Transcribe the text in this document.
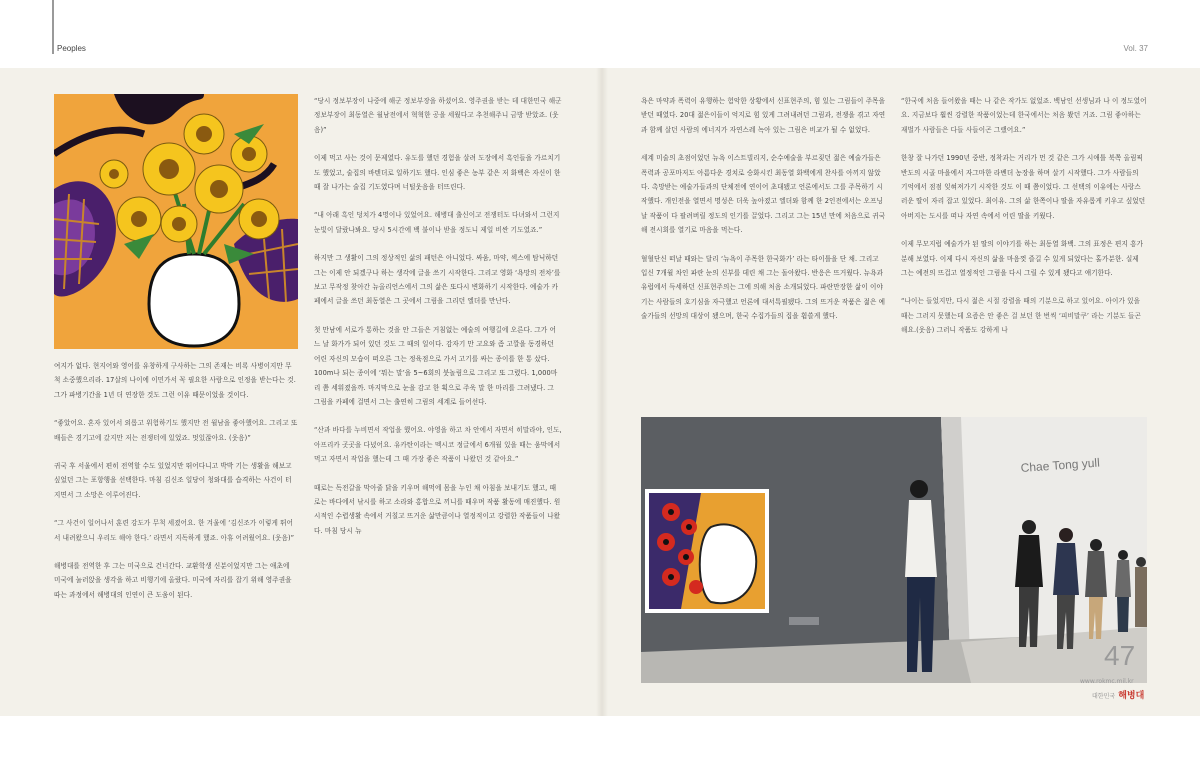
Peoples	Vol. 37

여지가 없다. 현지어와 영어를 유창하게 구사하는 그의 존재는 비록 사병이지만 무척 소중했으리라. 17살의 나이에 이민가서 꼭 필요한 사람으로 인정을 받는다는 것. 그가 파병기간을 1년 더 연장한 것도 그런 이유 때문이었을 것이다.

“좋았어요. 혼자 있어서 외롭고 위험하기도 했지만 전 월남을 좋아했어요. 그리고 또 배들은 경기고에 갔지만 저는 전쟁터에 있었죠. 멋있잖아요. (웃음)”

귀국 후 서울에서 편히 전역할 수도 있었지만 뛰어다니고 박박 기는 생활을 해보고 싶었던 그는 포항행을 선택한다. 마침 김신조 일당이 청와대를 습격하는 사건이 터지면서 그 소망은 이루어진다.

“그 사건이 일어나서 훈련 강도가 무척 세졌어요. 한 겨울에 ‘김신조가 이렇게 뛰어서 내려왔으니 우리도 해야 한다.’ 라면서 지독하게 했죠. 아휴 어려웠어요. (웃음)”

해병대를 전역한 후 그는 미국으로 건너간다. 교환학생 신분이었지만 그는 애초에 미국에 눌러앉을 생각을 하고 비행기에 올랐다. 미국에 자리를 잡기 위해 영주권을 따는 과정에서 해병대의 인연이 큰 도움이 된다.

“당시 정보부장이 나중에 해군 정보부장을 하셨어요. 영주권을 받는 데 대한민국 해군 정보부장이 최동열은 월남전에서 혁혁한 공을 세웠다고 추천해주니 금방 받았죠. (웃음)”

이제 먹고 사는 것이 문제였다. 유도를 했던 경험을 살려 도장에서 흑인들을 가르치기도 했었고, 술집의 바텐더로 일하기도 했다. 인심 좋은 농부 같은 저 화백은 자신이 한 때 잘 나가는 술집 기도였다며 너털웃음을 터뜨린다.

“내 아래 흑인 덩치가 4명이나 있었어요. 해병대 출신이고 전쟁터도 다녀와서 그런지 눈빛이 달랐나봐요. 당시 5시간에 백 불이나 받을 정도니 제일 비싼 기도였죠.”

하지만 그 생활이 그의 정상적인 삶의 패턴은 아니었다. 싸움, 마약, 섹스에 탐닉하던 그는 이제 안 되겠구나 하는 생각에 글을 쓰기 시작한다. 그리고 영화 ‘욕망의 전차’를 보고 무작정 찾아간 뉴올리언스에서 그의 삶은 또다시 변화하기 시작한다. 예술가 카페에서 글을 쓰던 최동열은 그 곳에서 그림을 그리던 엘더를 만난다.

첫 만남에 서로가 통하는 것을 안 그들은 거침없는 예술의 여행길에 오른다. 그가 어느 날 화가가 되어 있던 것도 그 때의 일이다. 감자기 만 고요와 좀 고깔을 동경하던 어린 자신의 모습이 떠오른 그는 정육점으로 가서 고기를 싸는 종이를 한 통 샀다. 100m나 되는 종이에 ‘뭐는 말’을 5~6회의 붓놀림으로 그리고 또 그렸다. 1,000마리 쯤 세워졌을까. 마지막으로 눈을 감고 한 획으로 주욱 말 한 마리를 그려냈다. 그 그림을 카페에 걸면서 그는 출연히 그림의 세계로 들어선다.

“산과 바다를 누비면서 작업을 했어요. 야영을 하고 차 안에서 자면서 히말라야, 인도, 아프리카 곳곳을 다녔어요. 유카탄이라는 멕시코 정글에서 6개월 있을 때는 움막에서 먹고 자면서 작업을 했는데 그 때 가장 좋은 작품이 나왔던 것 같아요.”

때로는 독전갈을 막아줄 닭을 키우며 해먹에 몸을 누인 채 아침을 보내기도 했고, 때로는 바다에서 낚시를 하고 소라와 홍합으로 끼니를 때우며 작품 활동에 매진했다. 원시적인 수렵생활 속에서 거칠고 뜨거운 삶만큼이나 열정적이고 강렬한 작품들이 나왔다. 마침 당시 뉴

욕은 마약과 폭력이 유행하는 험악한 상황에서 신표현주의, 힘 있는 그림들이 주목을 받던 때였다. 20대 젊은이들이 억지로 힘 있게 그려내려던 그림과, 전쟁을 겪고 자연과 함께 살던 사람의 에너지가 자연스레 녹아 있는 그림은 비교가 될 수 없었다.

세계 미술의 초점이었던 뉴욕 이스트빌리지, 순수예술을 부르짖던 젊은 예술가들은 폭력과 공포마저도 아름다운 경치로 승화시킨 최동열 화백에게 찬사를 아끼지 않았다. 촉망받는 예술가들과의 단체전에 연이어 초대됐고 언론에서도 그를 주목하기 시작했다. 개인전을 열면서 명성은 더욱 높아졌고 엘더와 함께 한 2인전에서는 오프닝 날 작품이 다 팔려버릴 정도의 인기를 끌었다. 그리고 그는 15년 만에 처음으로 귀국해 전시회를 열기로 마음을 먹는다.

혈혈단신 떠날 때와는 달리 ‘뉴욕이 주목한 한국화가’ 라는 타이틀을 단 채. 그리고 입신 7개월 차인 파란 눈의 신부를 데린 채 그는 돌아왔다. 반응은 뜨거웠다. 뉴욕과 유럽에서 득세하던 신표현주의는 그에 의해 처음 소개되었다. 파란만장한 삶이 이야기는 사람들의 호기심을 자극했고 언론에 대서특필됐다. 그의 뜨거운 작품은 젊은 예술가들의 선망의 대상이 됐으며, 한국 수집가들의 집을 휩쓸게 했다.

“한국에 처음 들어왔을 때는 나 같은 작가도 없었죠. 백남인 선생님과 나 이 정도였어요. 지금보다 훨씬 강렬한 작품이었는데 한국에서는 처음 봤던 거죠. 그림 좋아하는 재벌가 사람들은 다들 사들이곤 그랬어요.”

한창 잘 나가던 1990년 중반, 정착과는 거리가 먼 것 같은 그가 시애틀 북쪽 올림픽 반도의 시골 마을에서 자그마한 라벤더 농장을 하며 살기 시작했다. 그가 사람들의 기억에서 점점 잊혀져가기 시작한 것도 이 때 쯤이었다. 그 선택의 이유에는 사랑스러운 딸이 자리 잡고 있었다. 최이유. 그의 삶 한쪽이나 딸을 자유롭게 키우고 싶었던 아버지는 도시를 떠나 자연 속에서 어린 딸을 키웠다.

이제 무모지럽 예술가가 된 딸의 이야기를 하는 최동열 화백. 그의 표정은 편지 흥가분해 보였다. 이제 다시 자신의 삶을 마음껏 즐길 수 있게 되었다는 홀가분한. 실제 그는 예전의 뜨겁고 열정적인 그림을 다시 그릴 수 있게 됐다고 얘기한다.

“나이는 들었지만, 다시 젊은 시절 강렬을 때의 기분으로 하고 있어요. 아이가 있을 때는 그러지 못했는데 요즘은 안 좋은 걸 보던 한 번씩 ‘피비말쿠’ 라는 기분도 들곤 해요.(웃음) 그러니 작품도 강하게 나

Chae Tong yull
47
www.rokmc.mil.kr
대한민국 해병대
